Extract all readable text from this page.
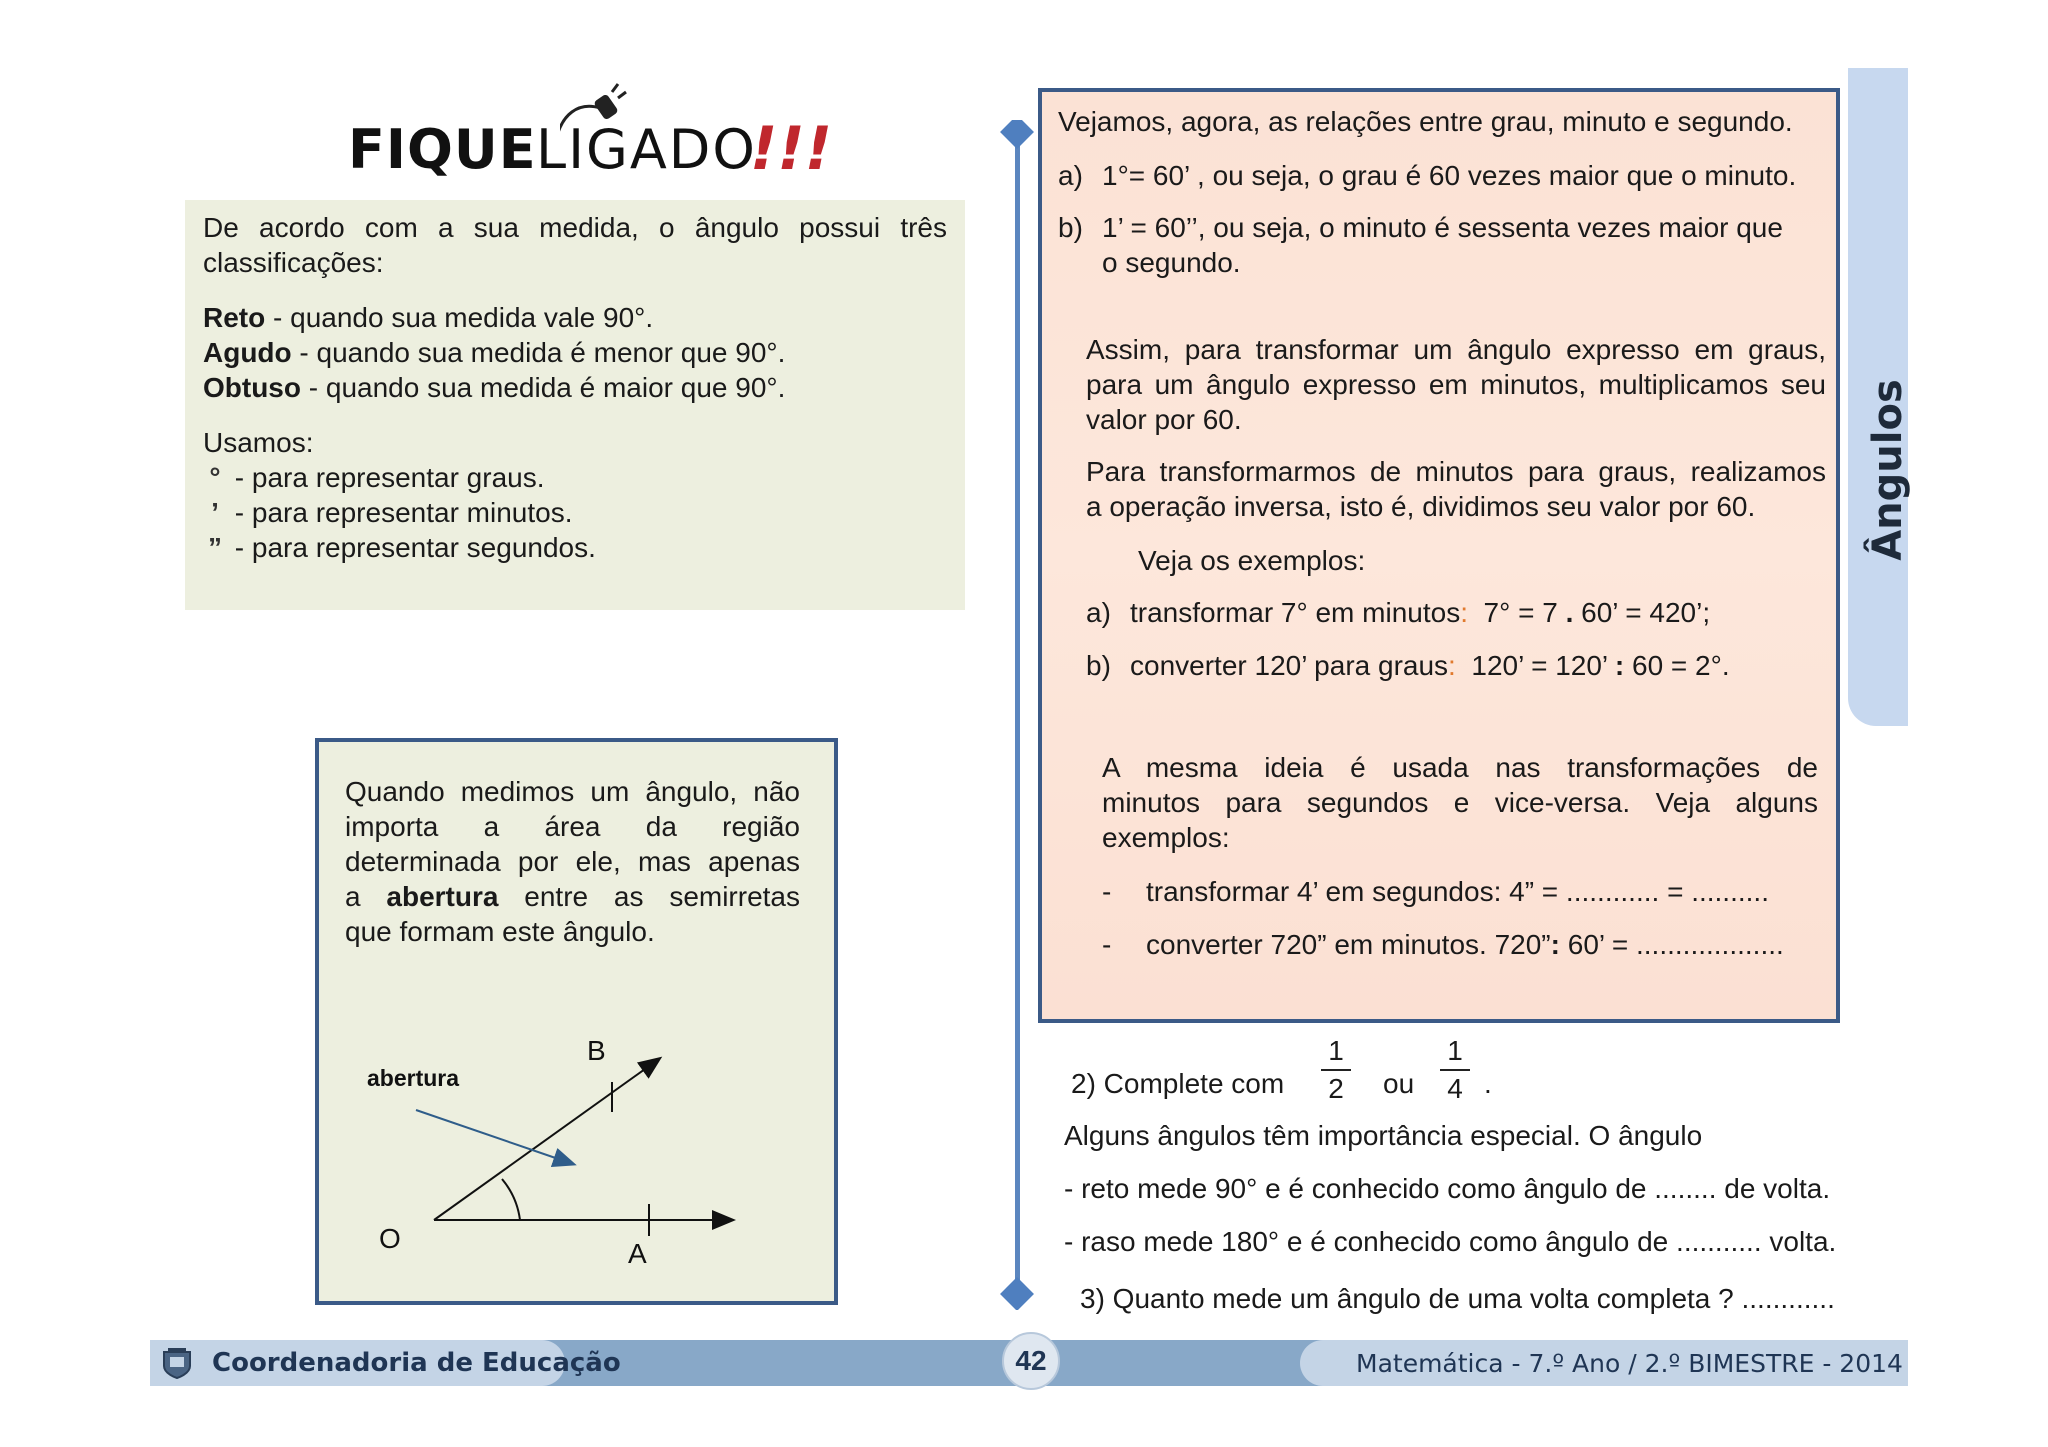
FIQUE LIGADO
!!!

De acordo com a sua medida, o ângulo possui três

classificações:

Reto - quando sua medida vale 90°.

Agudo - quando sua medida é menor que 90°.

Obtuso - quando sua medida é maior que 90°.

Usamos:

° - para representar graus.

’ - para representar minutos.

” - para representar segundos.

Quando medimos um ângulo, não
importa a área da região
determinada por ele, mas apenas
a abertura entre as semirretas
que formam este ângulo.
abertura
B
O	A
Vejamos, agora, as relações entre grau, minuto e segundo.
a) 1°= 60’ , ou seja, o grau é 60 vezes maior que o minuto.
b) 1’ = 60’’, ou seja, o minuto é sessenta vezes maior que
o segundo.
Assim, para transformar um ângulo expresso em graus,
para um ângulo expresso em minutos, multiplicamos seu
valor por 60.
Para transformarmos de minutos para graus, realizamos
a operação inversa, isto é, dividimos seu valor por 60.
Veja os exemplos:
a) transformar 7° em minutos: 7° = 7 . 60’ = 420’;
b) converter 120’ para graus: 120’ = 120’ : 60 = 2°.
A mesma ideia é usada nas transformações de
minutos para segundos e vice-versa. Veja alguns
exemplos:
- transformar 4’ em segundos: 4” = ............ = ..........
- converter 720” em minutos. 720”: 60’ = ...................
Ângulos
2) Complete com
1
2 ou
1
4 .
Alguns ângulos têm importância especial. O ângulo
- reto mede 90° e é conhecido como ângulo de ........ de volta.
- raso mede 180° e é conhecido como ângulo de ........... volta.
3) Quanto mede um ângulo de uma volta completa ? ............
Coordenadoria de Educação	42	Matemática - 7.º Ano / 2.º BIMESTRE - 2014
